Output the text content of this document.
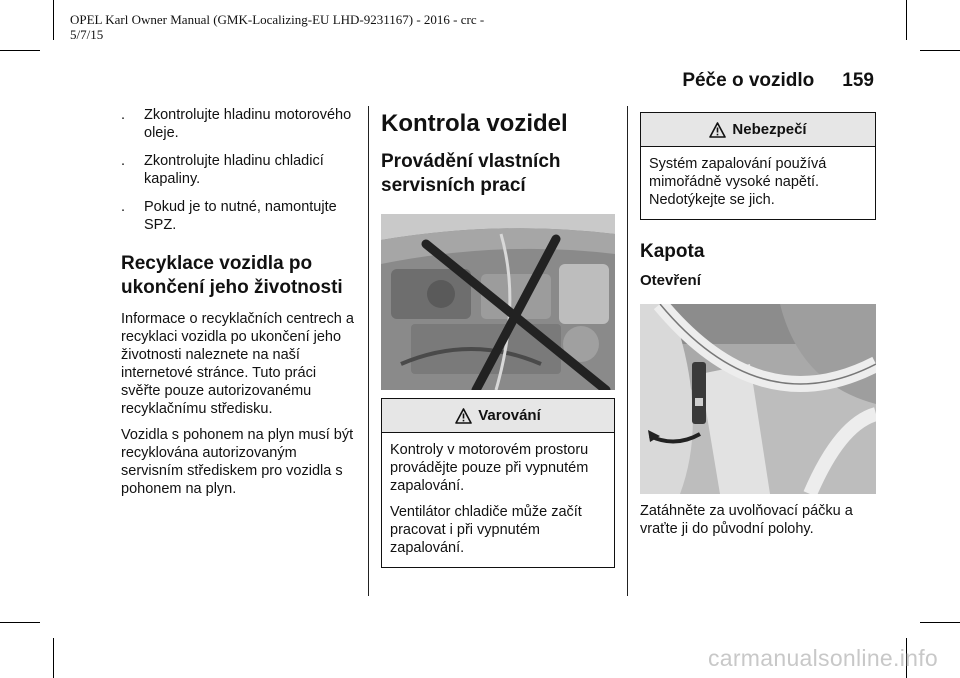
OPEL Karl Owner Manual (GMK-Localizing-EU LHD-9231167) - 2016 - crc -
5/7/15
Péče o vozidlo 159
. Zkontrolujte hladinu motorového oleje.
. Zkontrolujte hladinu chladicí kapaliny.
. Pokud je to nutné, namontujte SPZ.
Recyklace vozidla po ukončení jeho životnosti

Informace o recyklačních centrech a recyklaci vozidla po ukončení jeho životnosti naleznete na naší internetové stránce. Tuto práci svěřte pouze autorizovanému recyklačnímu středisku.

Vozidla s pohonem na plyn musí být recyklována autorizovaným servisním střediskem pro vozidla s pohonem na plyn.

Kontrola vozidel
Provádění vlastních servisních prací
Varování

Kontroly v motorovém prostoru provádějte pouze při vypnutém zapalování.

Ventilátor chladiče může začít pracovat i při vypnutém zapalování.

Nebezpečí

Systém zapalování používá mimořádně vysoké napětí. Nedotýkejte se jich.

Kapota
Otevření

Zatáhněte za uvolňovací páčku a vraťte ji do původní polohy.

carmanualsonline.info
